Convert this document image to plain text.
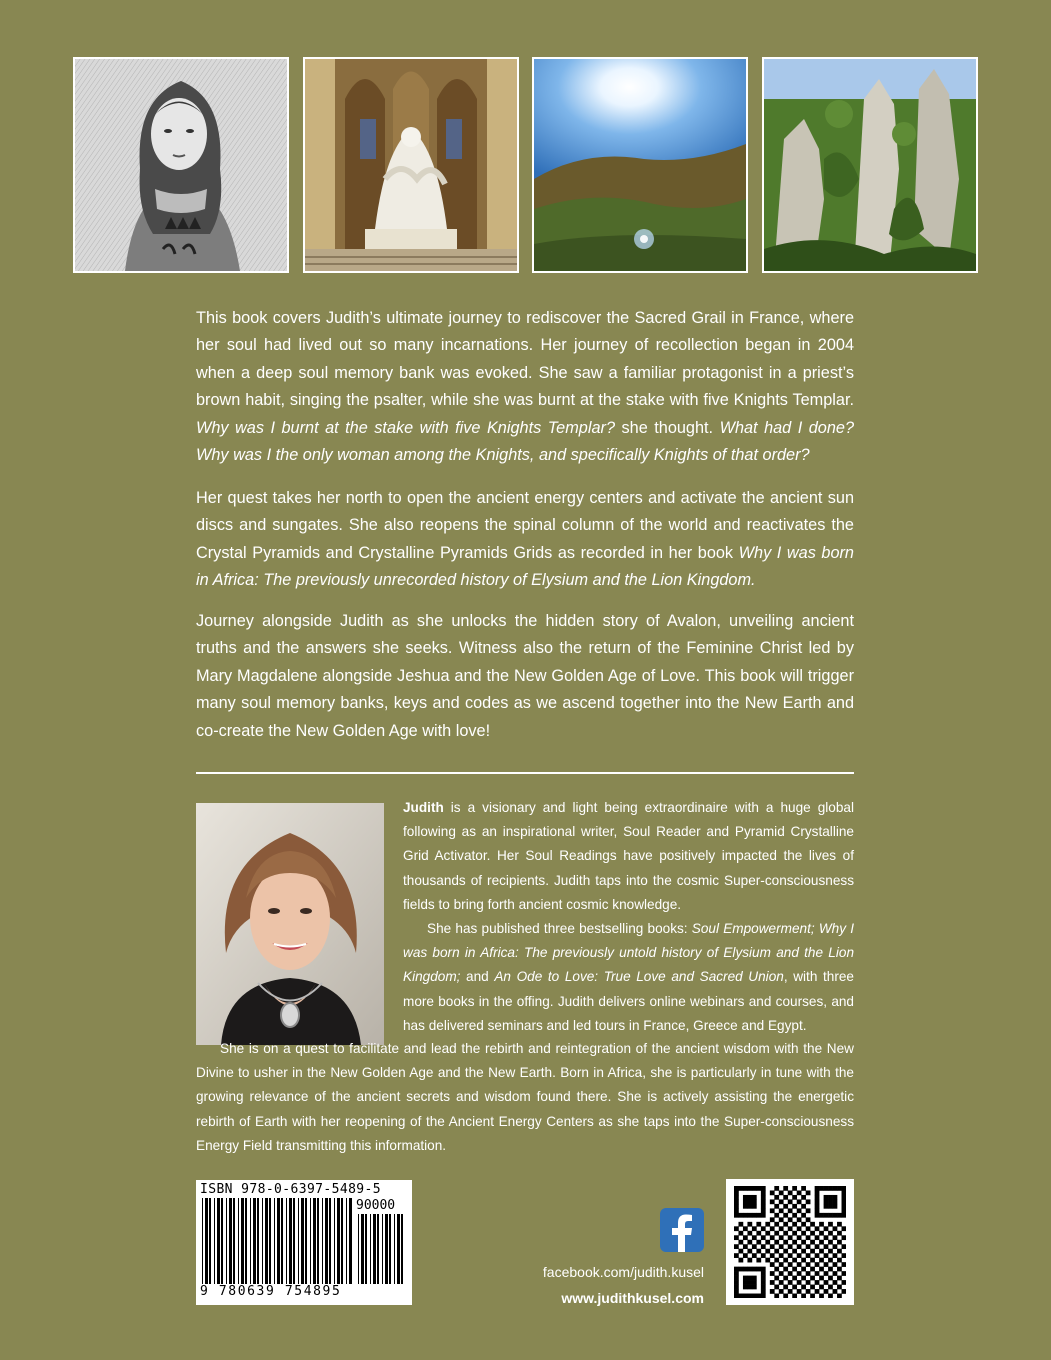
This book covers Judith’s ultimate journey to rediscover the Sacred Grail in France, where her soul had lived out so many incarnations. Her journey of recollection began in 2004 when a deep soul memory bank was evoked. She saw a familiar protagonist in a priest’s brown habit, singing the psalter, while she was burnt at the stake with five Knights Templar. Why was I burnt at the stake with five Knights Templar? she thought. What had I done? Why was I the only woman among the Knights, and specifically Knights of that order?

Her quest takes her north to open the ancient energy centers and activate the ancient sun discs and sungates. She also reopens the spinal column of the world and reactivates the Crystal Pyramids and Crystalline Pyramids Grids as recorded in her book Why I was born in Africa: The previously unrecorded history of Elysium and the Lion Kingdom.

Journey alongside Judith as she unlocks the hidden story of Avalon, unveiling ancient truths and the answers she seeks. Witness also the return of the Feminine Christ led by Mary Magdalene alongside Jeshua and the New Golden Age of Love. This book will trigger many soul memory banks, keys and codes as we ascend together into the New Earth and co-create the New Golden Age with love!

Judith is a visionary and light being extraordinaire with a huge global following as an inspirational writer, Soul Reader and Pyramid Crystalline Grid Activator. Her Soul Readings have positively impacted the lives of thousands of recipients. Judith taps into the cosmic Super-consciousness fields to bring forth ancient cosmic knowledge.
She has published three bestselling books: Soul Empowerment; Why I was born in Africa: The previously untold history of Elysium and the Lion Kingdom; and An Ode to Love: True Love and Sacred Union, with three more books in the offing. Judith delivers online webinars and courses, and has delivered seminars and led tours in France, Greece and Egypt.

She is on a quest to facilitate and lead the rebirth and reintegration of the ancient wisdom with the New Divine to usher in the New Golden Age and the New Earth. Born in Africa, she is particularly in tune with the growing relevance of the ancient secrets and wisdom found there. She is actively assisting the energetic rebirth of Earth with her reopening of the Ancient Energy Centers as she taps into the Super-consciousness Energy Field transmitting this information.

ISBN 978-0-6397-5489-5
90000
9 780639 754895
facebook.com/judith.kusel
www.judithkusel.com
